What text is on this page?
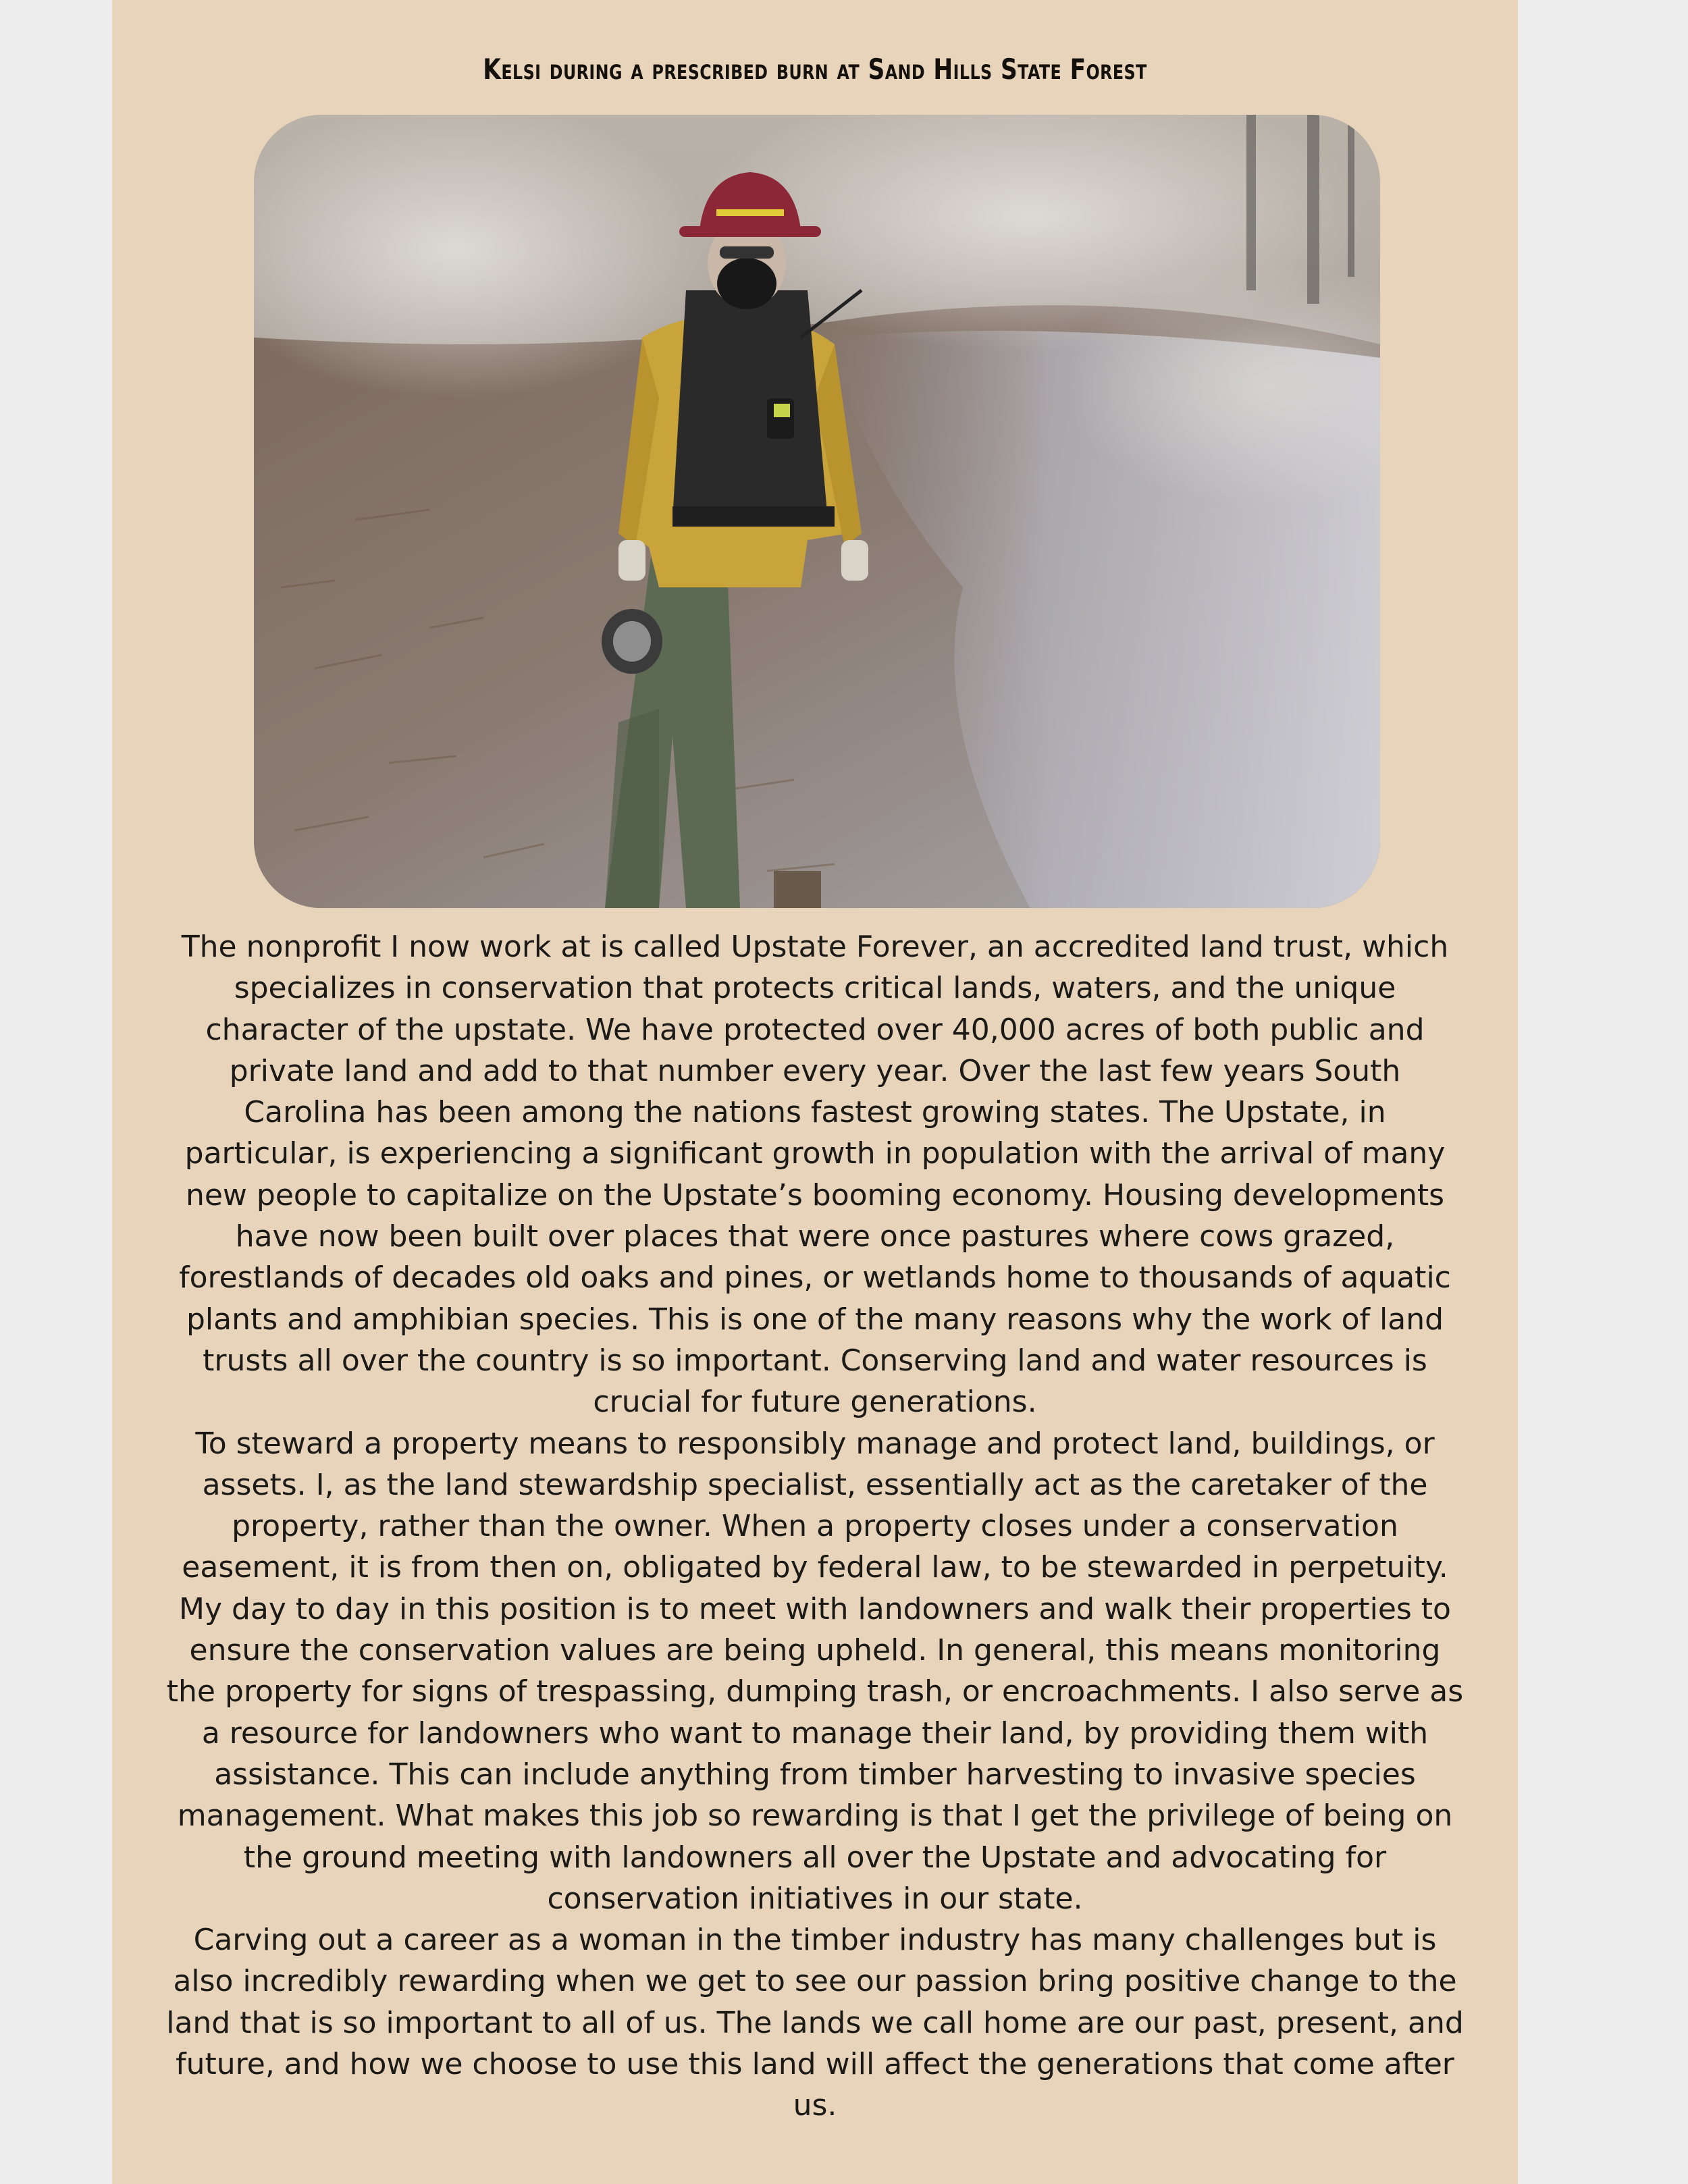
Kelsi during a prescribed burn at Sand Hills State Forest

The nonprofit I now work at is called Upstate Forever, an accredited land trust, which specializes in conservation that protects critical lands, waters, and the unique character of the upstate. We have protected over 40,000 acres of both public and private land and add to that number every year. Over the last few years South Carolina has been among the nations fastest growing states. The Upstate, in particular, is experiencing a significant growth in population with the arrival of many new people to capitalize on the Upstate’s booming economy. Housing developments have now been built over places that were once pastures where cows grazed, forestlands of decades old oaks and pines, or wetlands home to thousands of aquatic plants and amphibian species. This is one of the many reasons why the work of land trusts all over the country is so important. Conserving land and water resources is crucial for future generations.

To steward a property means to responsibly manage and protect land, buildings, or assets. I, as the land stewardship specialist, essentially act as the caretaker of the property, rather than the owner. When a property closes under a conservation easement, it is from then on, obligated by federal law, to be stewarded in perpetuity. My day to day in this position is to meet with landowners and walk their properties to ensure the conservation values are being upheld. In general, this means monitoring the property for signs of trespassing, dumping trash, or encroachments. I also serve as a resource for landowners who want to manage their land, by providing them with assistance. This can include anything from timber harvesting to invasive species management. What makes this job so rewarding is that I get the privilege of being on the ground meeting with landowners all over the Upstate and advocating for conservation initiatives in our state.

Carving out a career as a woman in the timber industry has many challenges but is also incredibly rewarding when we get to see our passion bring positive change to the land that is so important to all of us. The lands we call home are our past, present, and future, and how we choose to use this land will affect the generations that come after us.
